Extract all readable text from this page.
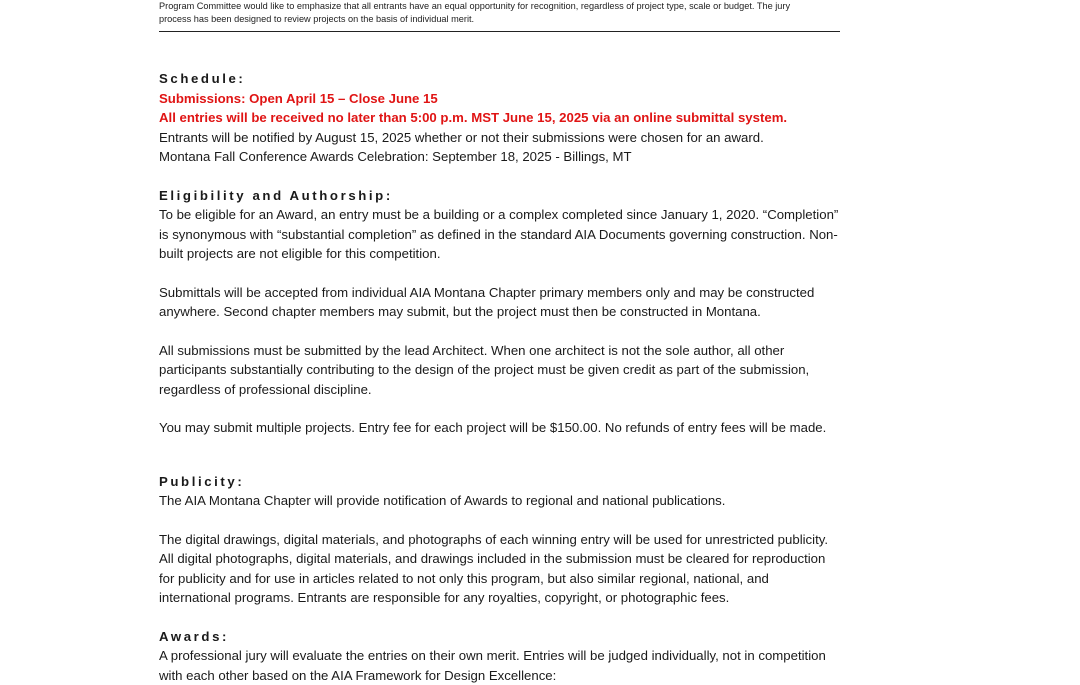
Program Committee would like to emphasize that all entrants have an equal opportunity for recognition, regardless of project type, scale or budget. The jury

process has been designed to review projects on the basis of individual merit.

Schedule:

Submissions: Open April 15 – Close June 15

All entries will be received no later than 5:00 p.m. MST June 15, 2025 via an online submittal system.

Entrants will be notified by August 15, 2025 whether or not their submissions were chosen for an award.

Montana Fall Conference Awards Celebration: September 18, 2025 - Billings, MT

Eligibility and Authorship:

To be eligible for an Award, an entry must be a building or a complex completed since January 1, 2020. “Completion”

is synonymous with “substantial completion” as defined in the standard AIA Documents governing construction. Non-

built projects are not eligible for this competition.

Submittals will be accepted from individual AIA Montana Chapter primary members only and may be constructed

anywhere. Second chapter members may submit, but the project must then be constructed in Montana.

All submissions must be submitted by the lead Architect. When one architect is not the sole author, all other

participants substantially contributing to the design of the project must be given credit as part of the submission,

regardless of professional discipline.

You may submit multiple projects. Entry fee for each project will be $150.00. No refunds of entry fees will be made.

Publicity:

The AIA Montana Chapter will provide notification of Awards to regional and national publications.

The digital drawings, digital materials, and photographs of each winning entry will be used for unrestricted publicity.

All digital photographs, digital materials, and drawings included in the submission must be cleared for reproduction

for publicity and for use in articles related to not only this program, but also similar regional, national, and

international programs. Entrants are responsible for any royalties, copyright, or photographic fees.

Awards:

A professional jury will evaluate the entries on their own merit. Entries will be judged individually, not in competition

with each other based on the AIA Framework for Design Excellence:
